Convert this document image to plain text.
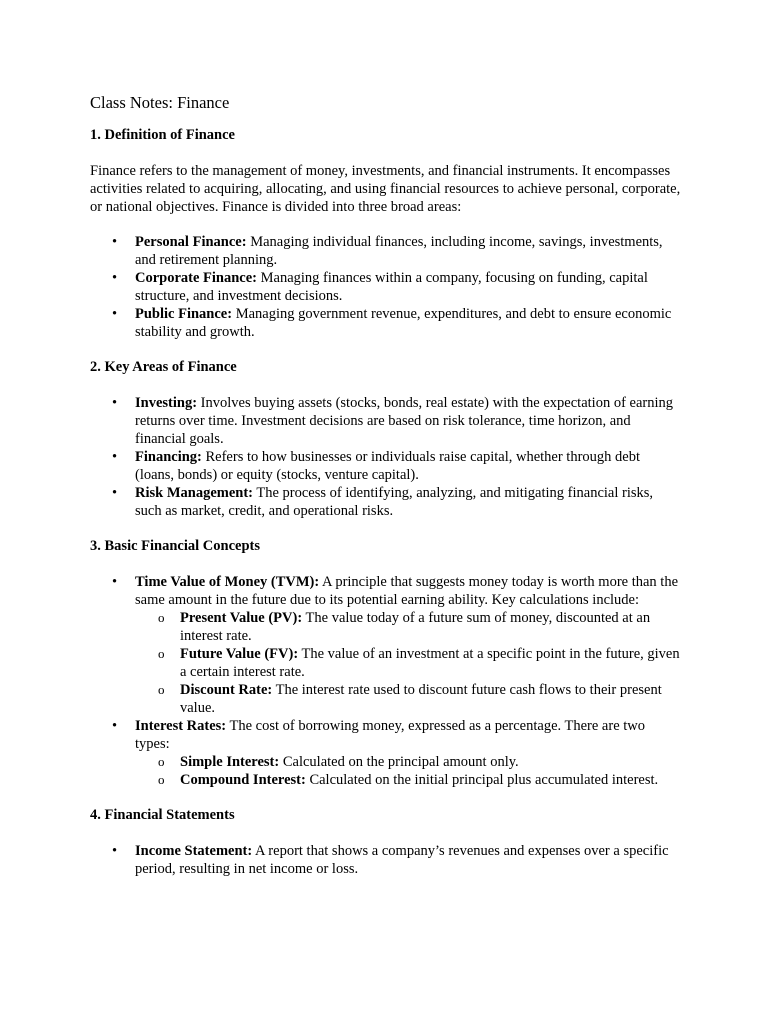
Class Notes: Finance
1. Definition of Finance

Finance refers to the management of money, investments, and financial instruments. It encompasses activities related to acquiring, allocating, and using financial resources to achieve personal, corporate, or national objectives. Finance is divided into three broad areas:

• Personal Finance: Managing individual finances, including income, savings, investments, and retirement planning.
• Corporate Finance: Managing finances within a company, focusing on funding, capital structure, and investment decisions.
• Public Finance: Managing government revenue, expenditures, and debt to ensure economic stability and growth.
2. Key Areas of Finance
• Investing: Involves buying assets (stocks, bonds, real estate) with the expectation of earning returns over time. Investment decisions are based on risk tolerance, time horizon, and financial goals.
• Financing: Refers to how businesses or individuals raise capital, whether through debt (loans, bonds) or equity (stocks, venture capital).
• Risk Management: The process of identifying, analyzing, and mitigating financial risks, such as market, credit, and operational risks.
3. Basic Financial Concepts
• Time Value of Money (TVM): A principle that suggests money today is worth more than the same amount in the future due to its potential earning ability. Key calculations include:
o Present Value (PV): The value today of a future sum of money, discounted at an interest rate.
o Future Value (FV): The value of an investment at a specific point in the future, given a certain interest rate.
o Discount Rate: The interest rate used to discount future cash flows to their present value.
• Interest Rates: The cost of borrowing money, expressed as a percentage. There are two types:
o Simple Interest: Calculated on the principal amount only.
o Compound Interest: Calculated on the initial principal plus accumulated interest.
4. Financial Statements
• Income Statement: A report that shows a company’s revenues and expenses over a specific period, resulting in net income or loss.
